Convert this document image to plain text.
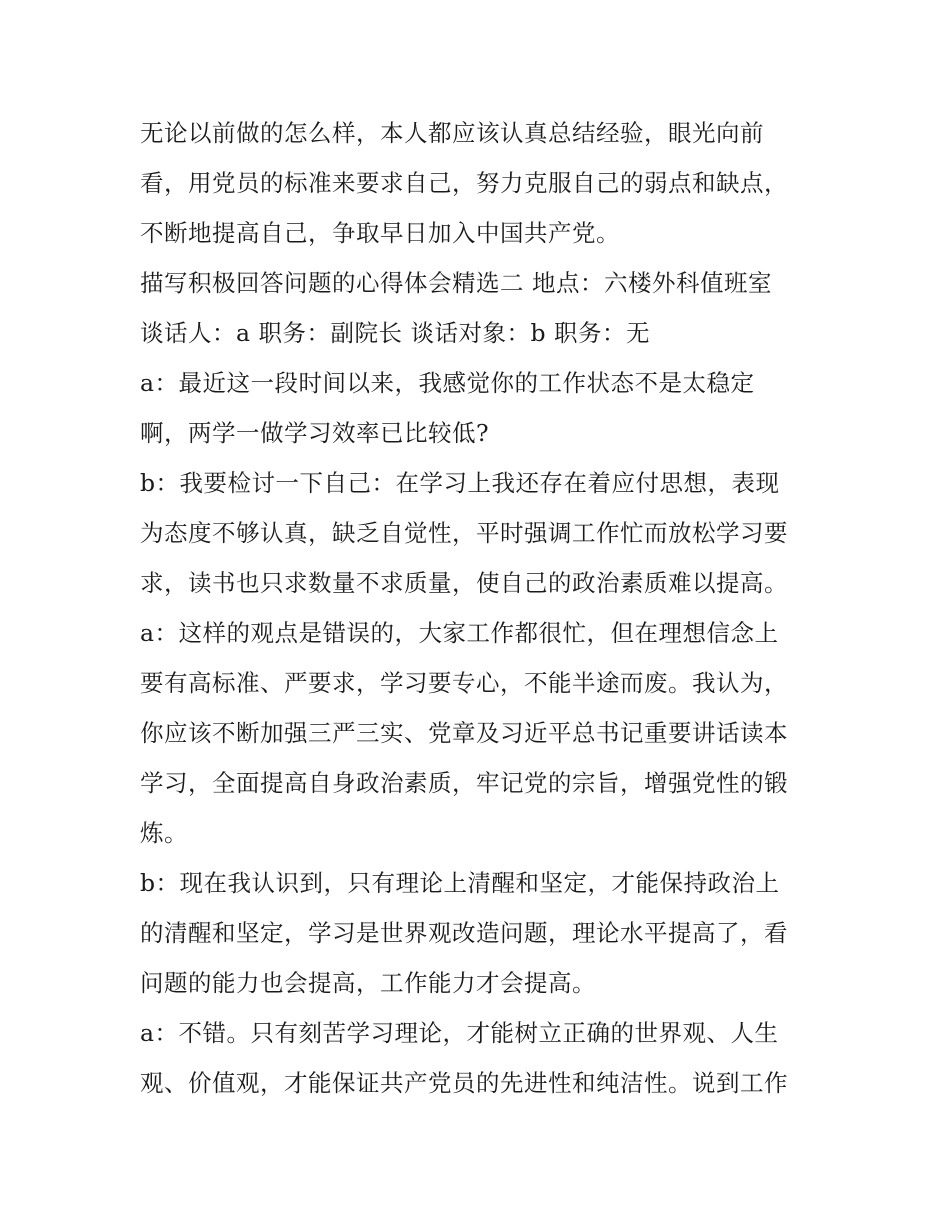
无论以前做的怎么样，本人都应该认真总结经验，眼光向前
看，用党员的标准来要求自己，努力克服自己的弱点和缺点，
不断地提高自己，争取早日加入中国共产党。
描写积极回答问题的心得体会精选二 地点：六楼外科值班室
谈话人：a 职务：副院长 谈话对象：b 职务：无
a：最近这一段时间以来，我感觉你的工作状态不是太稳定
啊，两学一做学习效率已比较低?
b：我要检讨一下自己：在学习上我还存在着应付思想，表现
为态度不够认真，缺乏自觉性，平时强调工作忙而放松学习要
求，读书也只求数量不求质量，使自己的政治素质难以提高。
a：这样的观点是错误的，大家工作都很忙，但在理想信念上
要有高标准、严要求，学习要专心，不能半途而废。我认为，
你应该不断加强三严三实、党章及习近平总书记重要讲话读本
学习，全面提高自身政治素质，牢记党的宗旨，增强党性的锻
炼。
b：现在我认识到，只有理论上清醒和坚定，才能保持政治上
的清醒和坚定，学习是世界观改造问题，理论水平提高了，看
问题的能力也会提高，工作能力才会提高。
a：不错。只有刻苦学习理论，才能树立正确的世界观、人生
观、价值观，才能保证共产党员的先进性和纯洁性。说到工作
